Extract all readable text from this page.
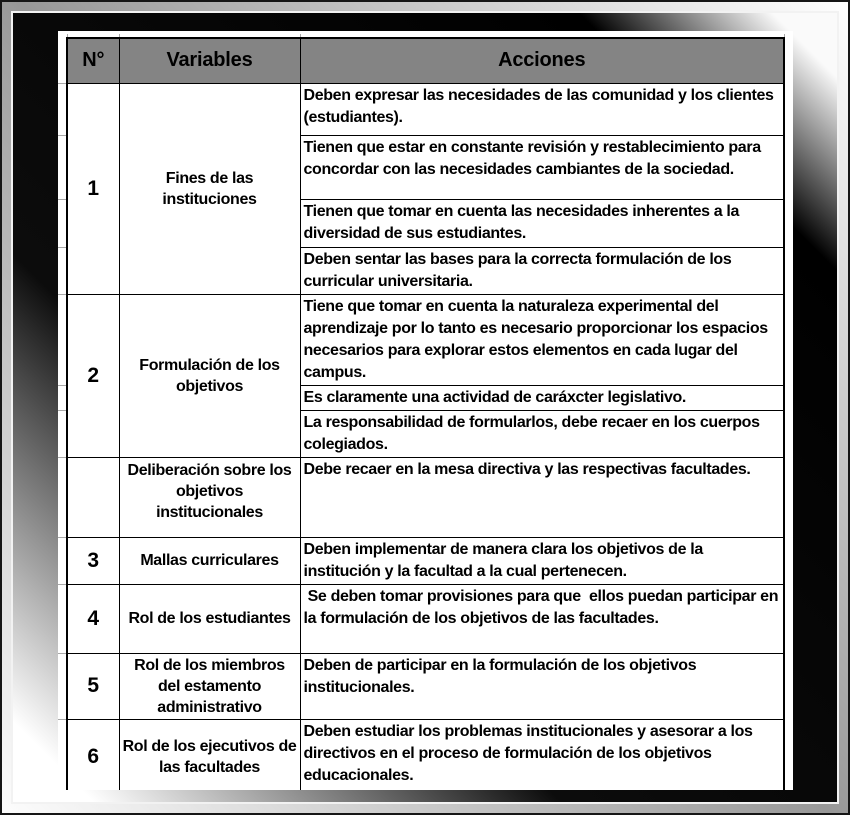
	N°	Variables	Acciones
	1	Fines de las instituciones	Deben expresar las necesidades de las comunidad y los clientes (estudiantes).
			Tienen que estar en constante revisión y restablecimiento para concordar con las necesidades cambiantes de la sociedad.
			Tienen que tomar en cuenta las necesidades inherentes a la diversidad de sus estudiantes.
			Deben sentar las bases para la correcta formulación de los curricular universitaria.
	2	Formulación de los objetivos	Tiene que tomar en cuenta la naturaleza experimental del aprendizaje por lo tanto es necesario proporcionar los espacios necesarios para explorar estos elementos en cada lugar del campus.
			Es claramente una actividad de caráxcter legislativo.
			La responsabilidad de formularlos, debe recaer en los cuerpos colegiados.
		Deliberación sobre los objetivos institucionales	Debe recaer en la mesa directiva y las respectivas facultades.
	3	Mallas curriculares	Deben implementar de manera clara los objetivos de la institución y la facultad a la cual pertenecen.
	4	Rol de los estudiantes	Se deben tomar provisiones para que  ellos puedan participar en la formulación de los objetivos de las facultades.
	5	Rol de los miembros del estamento administrativo	Deben de participar en la formulación de los objetivos institucionales.
	6	Rol de los ejecutivos de las facultades	Deben estudiar los problemas institucionales y asesorar a los directivos en el proceso de formulación de los objetivos educacionales.
